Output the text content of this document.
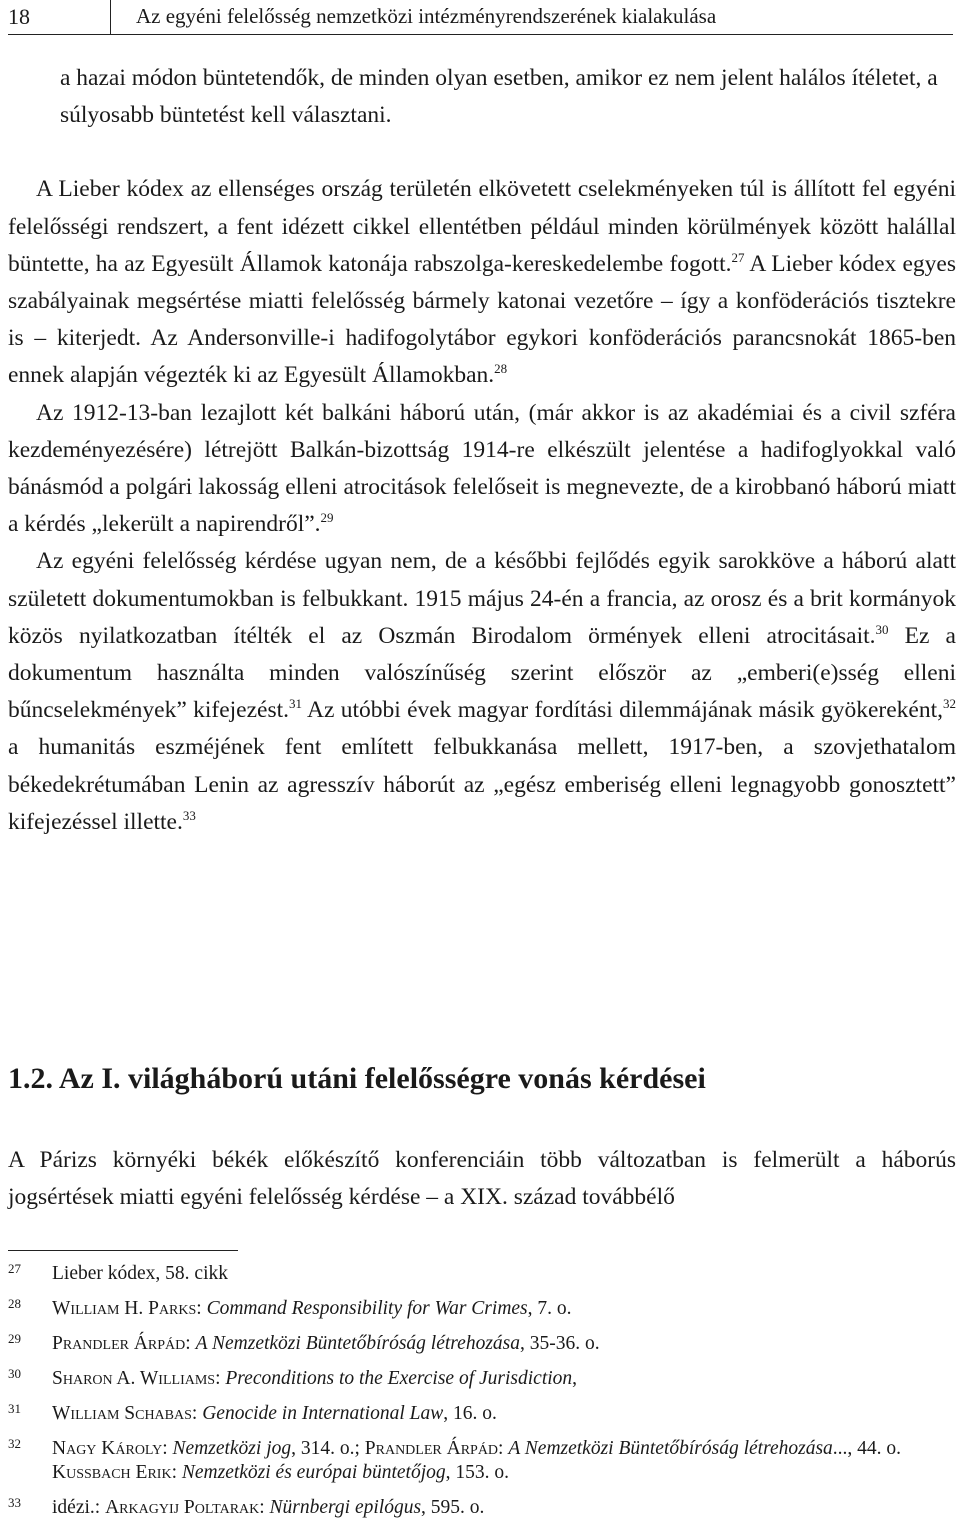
18	Az egyéni felelősség nemzetközi intézményrendszerének kialakulása

a hazai módon büntetendők, de minden olyan esetben, amikor ez nem jelent halálos ítéletet, a súlyosabb büntetést kell választani.

A Lieber kódex az ellenséges ország területén elkövetett cselekményeken túl is állított fel egyéni felelősségi rendszert, a fent idézett cikkel ellentétben például minden körülmények között halállal büntette, ha az Egyesült Államok katonája rabszolga-kereskedelembe fogott.$^{27}$ A Lieber kódex egyes szabályainak megsértése miatti felelősség bármely katonai vezetőre – így a konföderációs tisztekre is – kiterjedt. Az Andersonville-i hadifogolytábor egykori konföderációs parancsnokát 1865-ben ennek alapján végezték ki az Egyesült Államokban.$^{28}$

Az 1912-13-ban lezajlott két balkáni háború után, (már akkor is az akadémiai és a civil szféra kezdeményezésére) létrejött Balkán-bizottság 1914-re elkészült jelentése a hadifoglyokkal való bánásmód a polgári lakosság elleni atrocitások felelőseit is megnevezte, de a kirobbanó háború miatt a kérdés „lekerült a napirendről”.$^{29}$

Az egyéni felelősség kérdése ugyan nem, de a későbbi fejlődés egyik sarokköve a háború alatt született dokumentumokban is felbukkant. 1915 május 24-én a francia, az orosz és a brit kormányok közös nyilatkozatban ítélték el az Oszmán Birodalom örmények elleni atrocitásait.$^{30}$ Ez a dokumentum használta minden valószínűség szerint először az „emberi(e)sség elleni bűncselekmények” kifejezést.$^{31}$ Az utóbbi évek magyar fordítási dilemmájának másik gyökereként,$^{32}$ a humanitás eszméjének fent említett felbukkanása mellett, 1917-ben, a szovjethatalom békedekrétumában Lenin az agresszív háborút az „egész emberiség elleni legnagyobb gonosztett” kifejezéssel illette.$^{33}$

1.2. Az I. világháború utáni felelősségre vonás kérdései

A Párizs környéki békék előkészítő konferenciáin több változatban is felmerült a háborús jogsértések miatti egyéni felelősség kérdése – a XIX. század továbbélő

27 Lieber kódex, 58. cikk
28 William H. Parks: Command Responsibility for War Crimes, 7. o.
29 Prandler Árpád: A Nemzetközi Büntetőbíróság létrehozása, 35-36. o.
30 Sharon A. Williams: Preconditions to the Exercise of Jurisdiction,
31 William Schabas: Genocide in International Law, 16. o.
32 Nagy Károly: Nemzetközi jog, 314. o.; Prandler Árpád: A Nemzetközi Büntetőbíróság létrehozása..., 44. o. Kussbach Erik: Nemzetközi és európai büntetőjog, 153. o.
33 idézi.: Arkagyij Poltarak: Nürnbergi epilógus, 595. o.
